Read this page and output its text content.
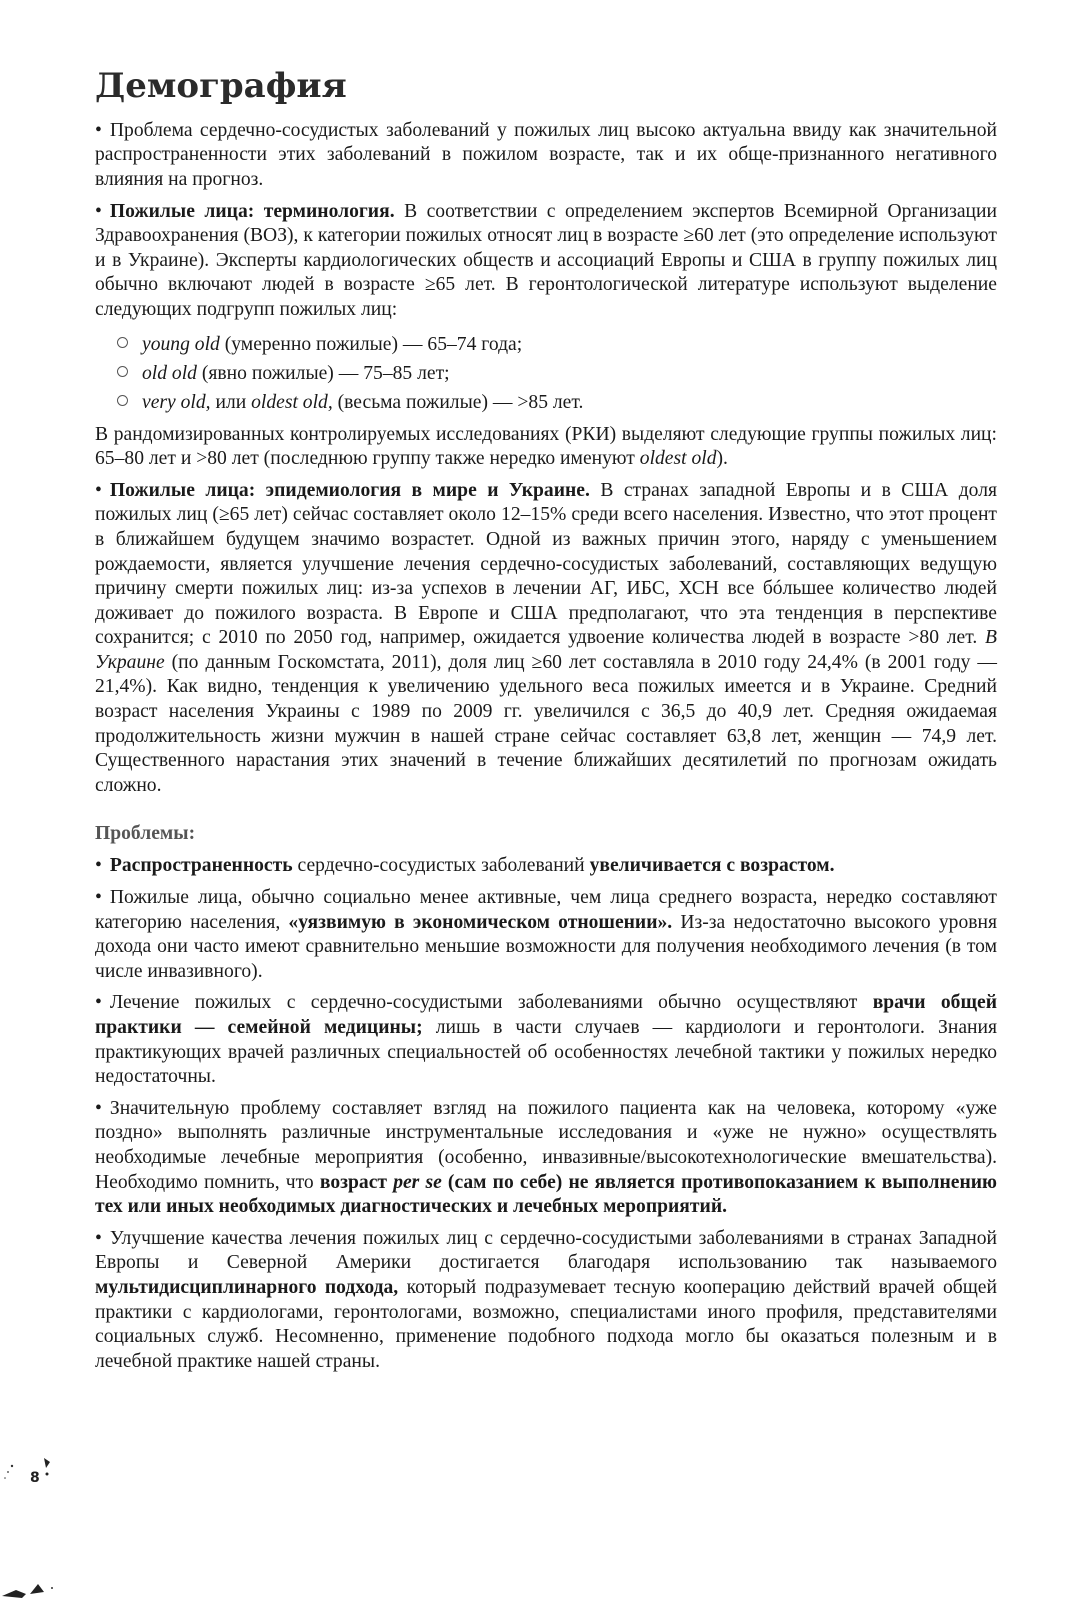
Демография

• Проблема сердечно-сосудистых заболеваний у пожилых лиц высоко актуальна ввиду как значительной распространенности этих заболеваний в пожилом возрасте, так и их обще-признанного негативного влияния на прогноз.

• Пожилые лица: терминология. В соответствии с определением экспертов Всемирной Организации Здравоохранения (ВОЗ), к категории пожилых относят лиц в возрасте ≥60 лет (это определение используют и в Украине). Эксперты кардиологических обществ и ассоциаций Европы и США в группу пожилых лиц обычно включают людей в возрасте ≥65 лет. В геронтологической литературе используют выделение следующих подгрупп пожилых лиц:

young old (умеренно пожилые) — 65–74 года;
old old (явно пожилые) — 75–85 лет;
very old, или oldest old, (весьма пожилые) — >85 лет.

В рандомизированных контролируемых исследованиях (РКИ) выделяют следующие группы пожилых лиц: 65–80 лет и >80 лет (последнюю группу также нередко именуют oldest old).

• Пожилые лица: эпидемиология в мире и Украине. В странах западной Европы и в США доля пожилых лиц (≥65 лет) сейчас составляет около 12–15% среди всего населения. Известно, что этот процент в ближайшем будущем значимо возрастет. Одной из важных причин этого, наряду с уменьшением рождаемости, является улучшение лечения сердечно-сосудистых заболеваний, составляющих ведущую причину смерти пожилых лиц: из-за успехов в лечении АГ, ИБС, ХСН все бóльшее количество людей доживает до пожилого возраста. В Европе и США предполагают, что эта тенденция в перспективе сохранится; с 2010 по 2050 год, например, ожидается удвоение количества людей в возрасте >80 лет. В Украине (по данным Госкомстата, 2011), доля лиц ≥60 лет составляла в 2010 году 24,4% (в 2001 году — 21,4%). Как видно, тенденция к увеличению удельного веса пожилых имеется и в Украине. Средний возраст населения Украины с 1989 по 2009 гг. увеличился с 36,5 до 40,9 лет. Средняя ожидаемая продолжительность жизни мужчин в нашей стране сейчас составляет 63,8 лет, женщин — 74,9 лет. Существенного нарастания этих значений в течение ближайших десятилетий по прогнозам ожидать сложно.

Проблемы:

• Распространенность сердечно-сосудистых заболеваний увеличивается с возрастом.

• Пожилые лица, обычно социально менее активные, чем лица среднего возраста, нередко составляют категорию населения, «уязвимую в экономическом отношении». Из-за недостаточно высокого уровня дохода они часто имеют сравнительно меньшие возможности для получения необходимого лечения (в том числе инвазивного).

• Лечение пожилых с сердечно-сосудистыми заболеваниями обычно осуществляют врачи общей практики — семейной медицины; лишь в части случаев — кардиологи и геронтологи. Знания практикующих врачей различных специальностей об особенностях лечебной тактики у пожилых нередко недостаточны.

• Значительную проблему составляет взгляд на пожилого пациента как на человека, которому «уже поздно» выполнять различные инструментальные исследования и «уже не нужно» осуществлять необходимые лечебные мероприятия (особенно, инвазивные/высокотехнологические вмешательства). Необходимо помнить, что возраст per se (сам по себе) не является противопоказанием к выполнению тех или иных необходимых диагностических и лечебных мероприятий.

• Улучшение качества лечения пожилых лиц с сердечно-сосудистыми заболеваниями в странах Западной Европы и Северной Америки достигается благодаря использованию так называемого мультидисциплинарного подхода, который подразумевает тесную кооперацию действий врачей общей практики с кардиологами, геронтологами, возможно, специалистами иного профиля, представителями социальных служб. Несомненно, применение подобного подхода могло бы оказаться полезным и в лечебной практике нашей страны.

8
